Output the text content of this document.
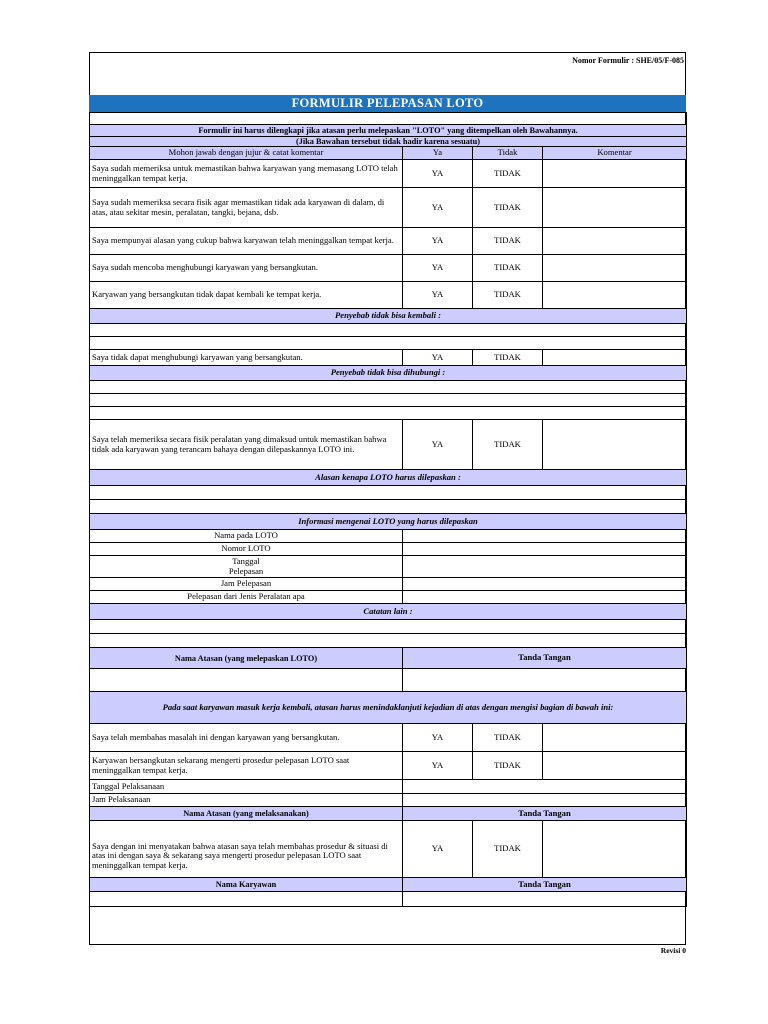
Nomor Formulir : SHE/05/F-085
FORMULIR PELEPASAN LOTO

Formulir ini harus dilengkapi jika atasan perlu melepaskan "LOTO" yang ditempelkan oleh Bawahannya.			
(Jika Bawahan tersebut tidak hadir karena sesuatu)			
Mohon jawab dengan jujur & catat komentar	Ya	Tidak	Komentar
Saya sudah memeriksa untuk memastikan bahwa karyawan yang memasang LOTO telah meninggalkan tempat kerja.	YA	TIDAK	
Saya sudah memeriksa secara fisik agar memastikan tidak ada karyawan di dalam, di atas, atau sekitar mesin, peralatan, tangki, bejana, dsb.	YA	TIDAK	
Saya mempunyai alasan yang cukup bahwa karyawan telah meninggalkan tempat kerja.	YA	TIDAK	
Saya sudah mencoba menghubungi karyawan yang bersangkutan.	YA	TIDAK	
Karyawan yang bersangkutan tidak dapat kembali ke tempat kerja.	YA	TIDAK	
Penyebab tidak bisa kembali :			

Saya tidak dapat menghubungi karyawan yang bersangkutan.	YA	TIDAK	
Penyebab tidak bisa dihubungi :			

Saya telah memeriksa secara fisik peralatan yang dimaksud untuk memastikan bahwa tidak ada karyawan yang terancam bahaya dengan dilepaskannya LOTO ini.	YA	TIDAK	
Alasan kenapa LOTO harus dilepaskan :			

Informasi mengenai LOTO yang harus dilepaskan			
Nama pada LOTO			
Nomor LOTO			
Tanggal Pelepasan			
Jam Pelepasan			
Pelepasan dari Jenis Peralatan apa			
Catatan lain :			

Nama Atasan (yang melepaskan LOTO)	Tanda Tangan		

Pada saat karyawan masuk kerja kembali, atasan harus menindaklanjuti kejadian di atas dengan mengisi bagian di bawah ini:			
Saya telah membahas masalah ini dengan karyawan yang bersangkutan.	YA	TIDAK	
Karyawan bersangkutan sekarang mengerti prosedur pelepasan LOTO saat meninggalkan tempat kerja.	YA	TIDAK	
Tanggal Pelaksanaan			
Jam Pelaksanaan			
Nama Atasan (yang melaksanakan)	Tanda Tangan		
Saya dengan ini menyatakan bahwa atasan saya telah membahas prosedur & situasi di atas ini dengan saya & sekarang saya mengerti prosedur pelepasan LOTO saat meninggalkan tempat kerja.	YA	TIDAK	
Nama Karyawan	Tanda Tangan		

Revisi 0
